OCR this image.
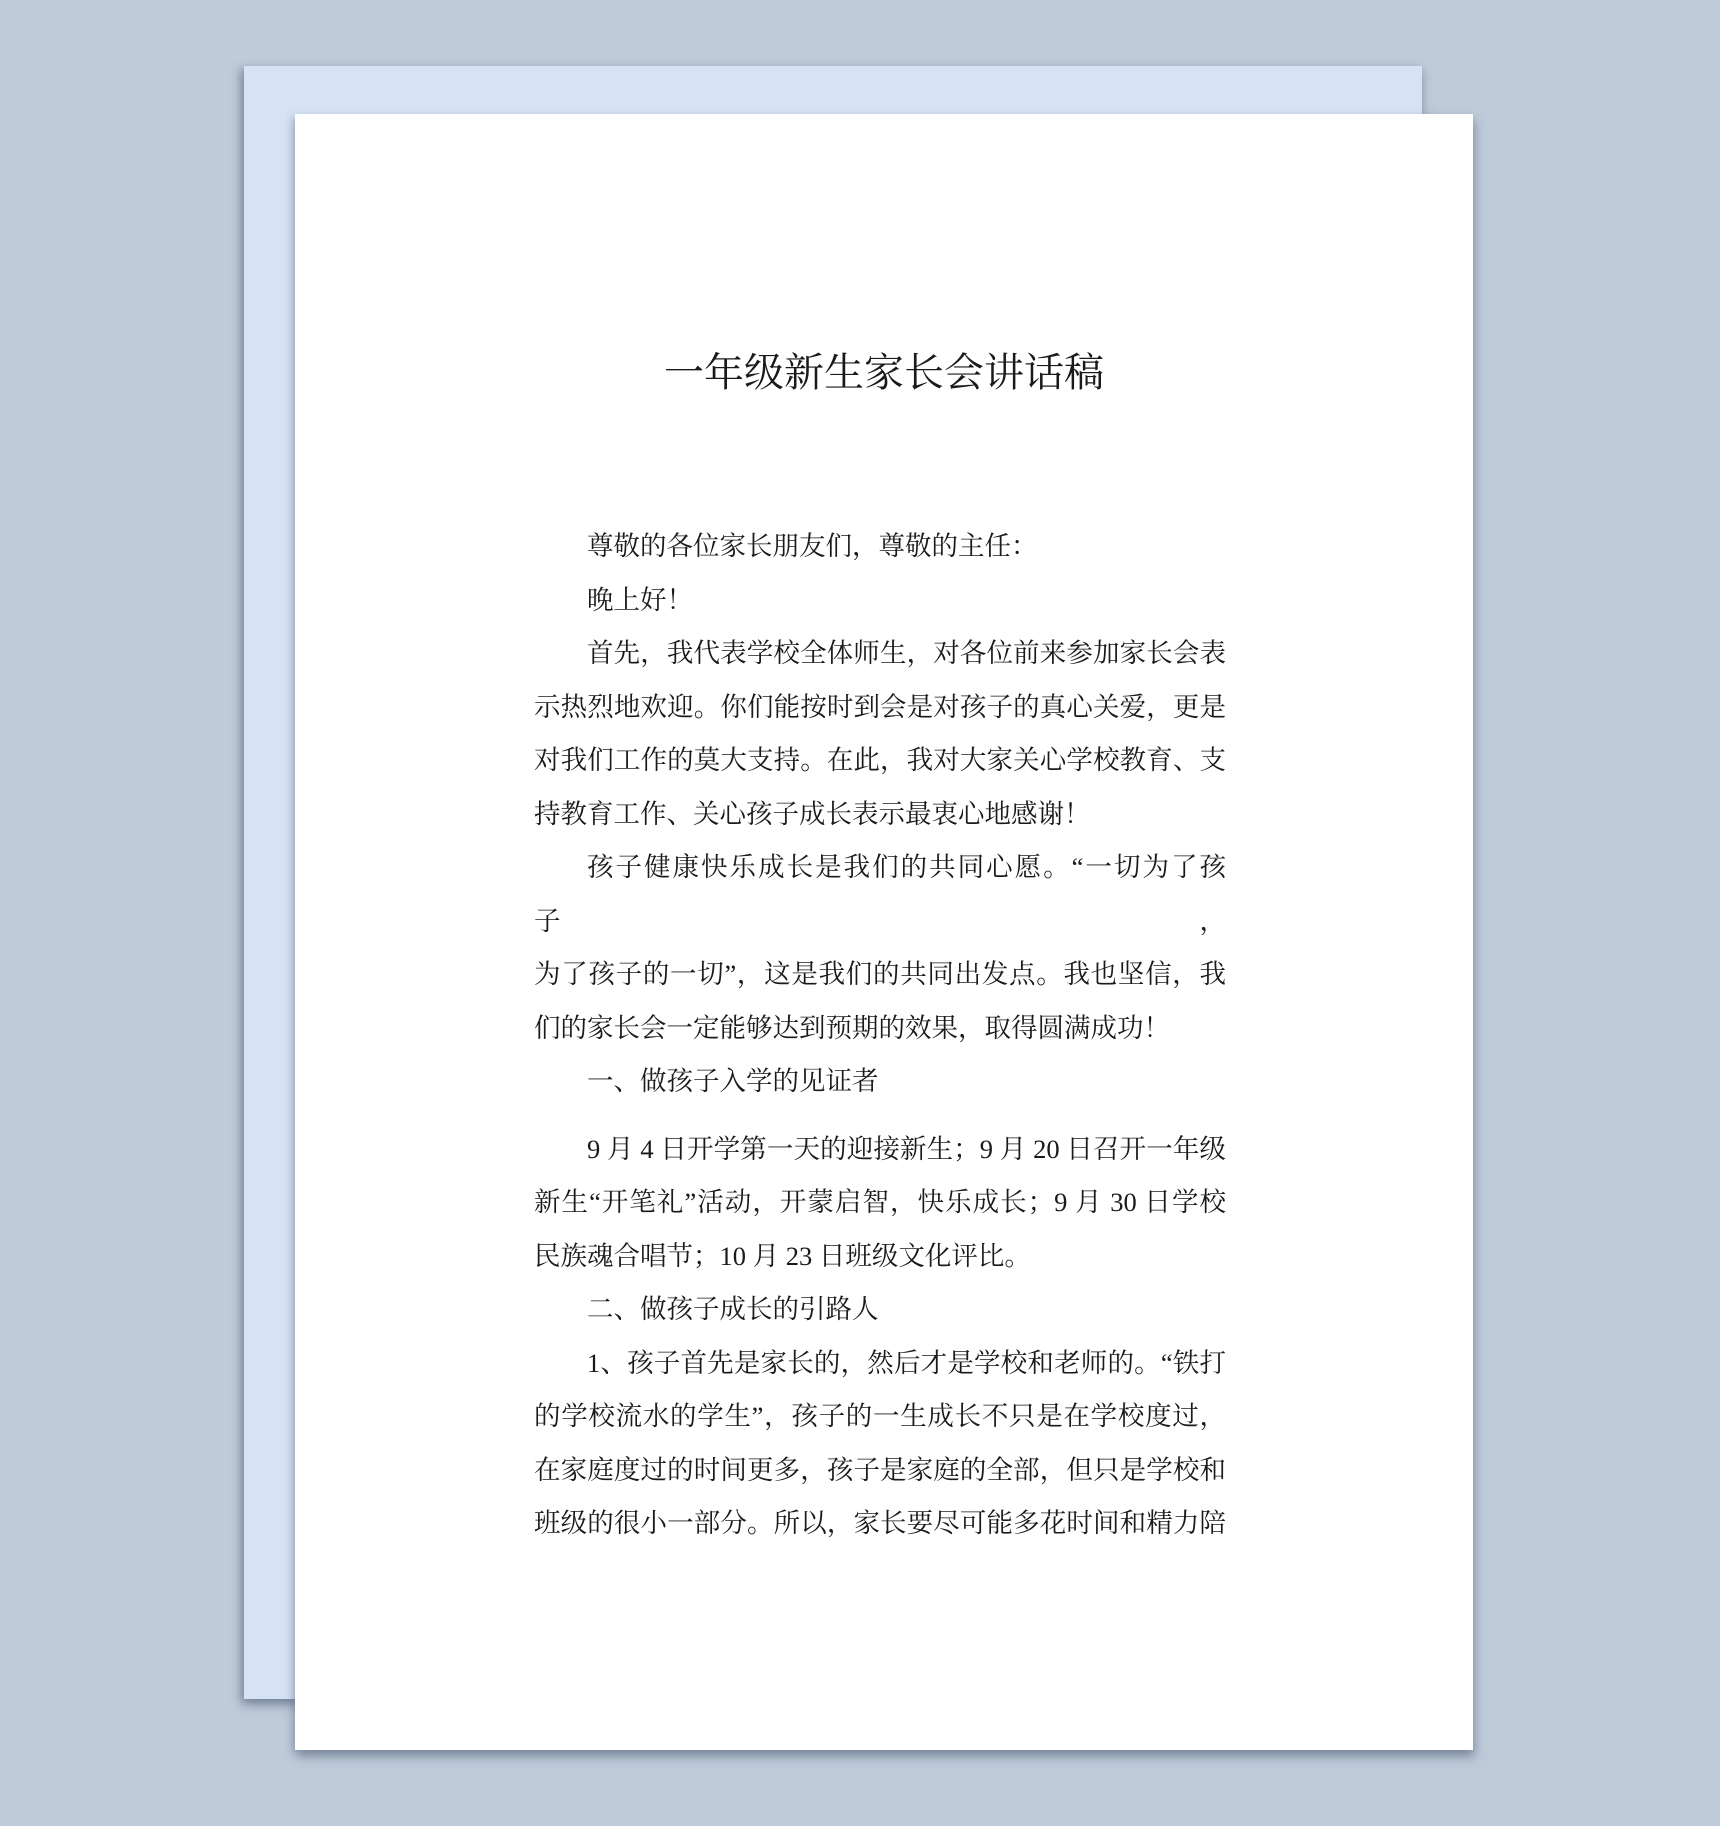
一年级新生家长会讲话稿
尊敬的各位家长朋友们，尊敬的主任：
晚上好！
首先，我代表学校全体师生，对各位前来参加家长会表
示热烈地欢迎。你们能按时到会是对孩子的真心关爱，更是
对我们工作的莫大支持。在此，我对大家关心学校教育、支
持教育工作、关心孩子成长表示最衷心地感谢！
孩子健康快乐成长是我们的共同心愿。“一切为了孩子，
为了孩子的一切”，这是我们的共同出发点。我也坚信，我
们的家长会一定能够达到预期的效果，取得圆满成功！
一、做孩子入学的见证者
9 月 4 日开学第一天的迎接新生；9 月 20 日召开一年级
新生“开笔礼”活动，开蒙启智，快乐成长；9 月 30 日学校
民族魂合唱节；10 月 23 日班级文化评比。
二、做孩子成长的引路人
1、孩子首先是家长的，然后才是学校和老师的。“铁打
的学校流水的学生”，孩子的一生成长不只是在学校度过，
在家庭度过的时间更多，孩子是家庭的全部，但只是学校和
班级的很小一部分。所以，家长要尽可能多花时间和精力陪
